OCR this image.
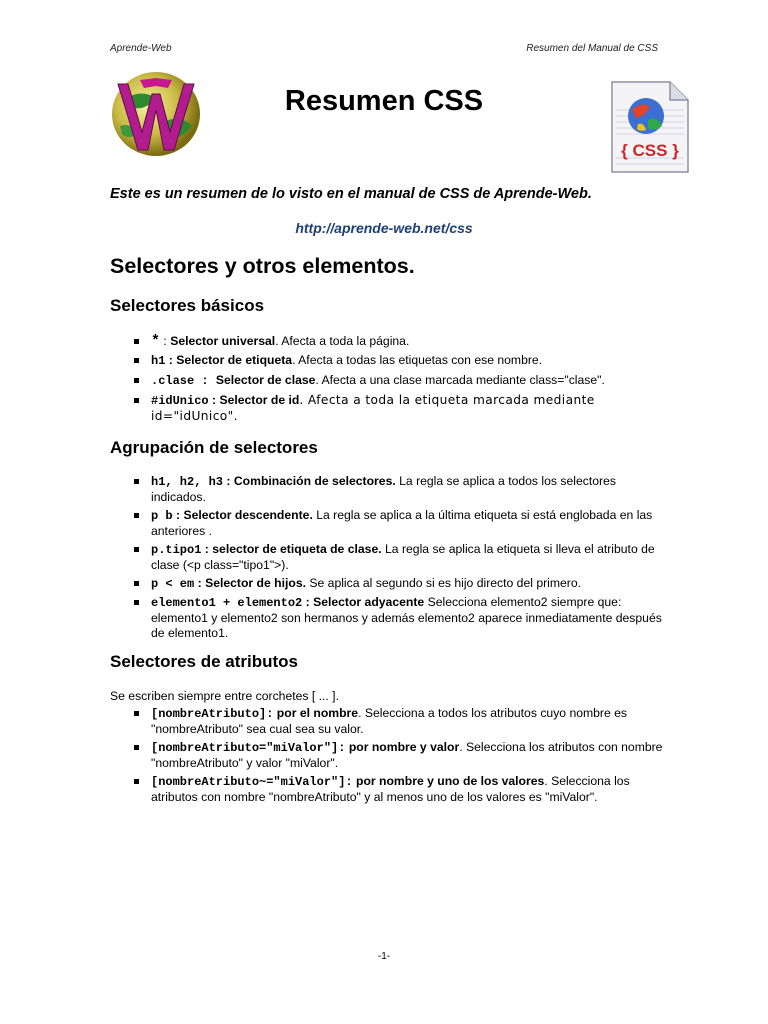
Aprende-Web	Resumen del Manual de CSS
Resumen CSS
{ CSS }
Este es un resumen de lo visto en el manual de CSS de Aprende-Web.
http://aprende-web.net/css
Selectores y otros elementos.
Selectores básicos
* : Selector universal. Afecta a toda la página.
h1 : Selector de etiqueta. Afecta a todas las etiquetas con ese nombre.
.clase : Selector de clase. Afecta a una clase marcada mediante class="clase".
#idUnico : Selector de id. Afecta a toda la etiqueta marcada mediante id="idUnico".
Agrupación de selectores
h1, h2, h3 : Combinación de selectores. La regla se aplica a todos los selectores indicados.
p b : Selector descendente. La regla se aplica a la última etiqueta si está englobada en las anteriores .
p.tipo1 : selector de etiqueta de clase. La regla se aplica la etiqueta si lleva el atributo de clase (<p class="tipo1">).
p < em : Selector de hijos. Se aplica al segundo si es hijo directo del primero.
elemento1 + elemento2 : Selector adyacente Selecciona elemento2 siempre que: elemento1 y elemento2 son hermanos y además elemento2 aparece inmediatamente después de elemento1.
Selectores de atributos
Se escriben siempre entre corchetes [ ... ].
[nombreAtributo]: por el nombre. Selecciona a todos los atributos cuyo nombre es "nombreAtributo" sea cual sea su valor.
[nombreAtributo="miValor"]: por nombre y valor. Selecciona los atributos con nombre "nombreAtributo" y valor "miValor".
[nombreAtributo~="miValor"]: por nombre y uno de los valores. Selecciona los atributos con nombre "nombreAtributo" y al menos uno de los valores es "miValor".
-1-
